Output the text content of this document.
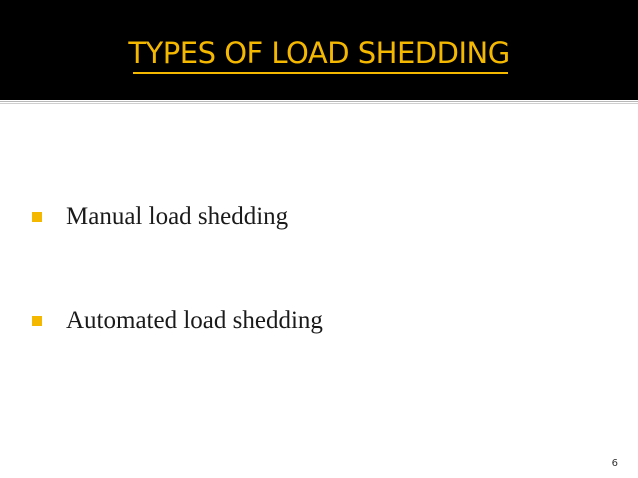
TYPES OF LOAD SHEDDING
Manual load shedding
Automated load shedding
6
